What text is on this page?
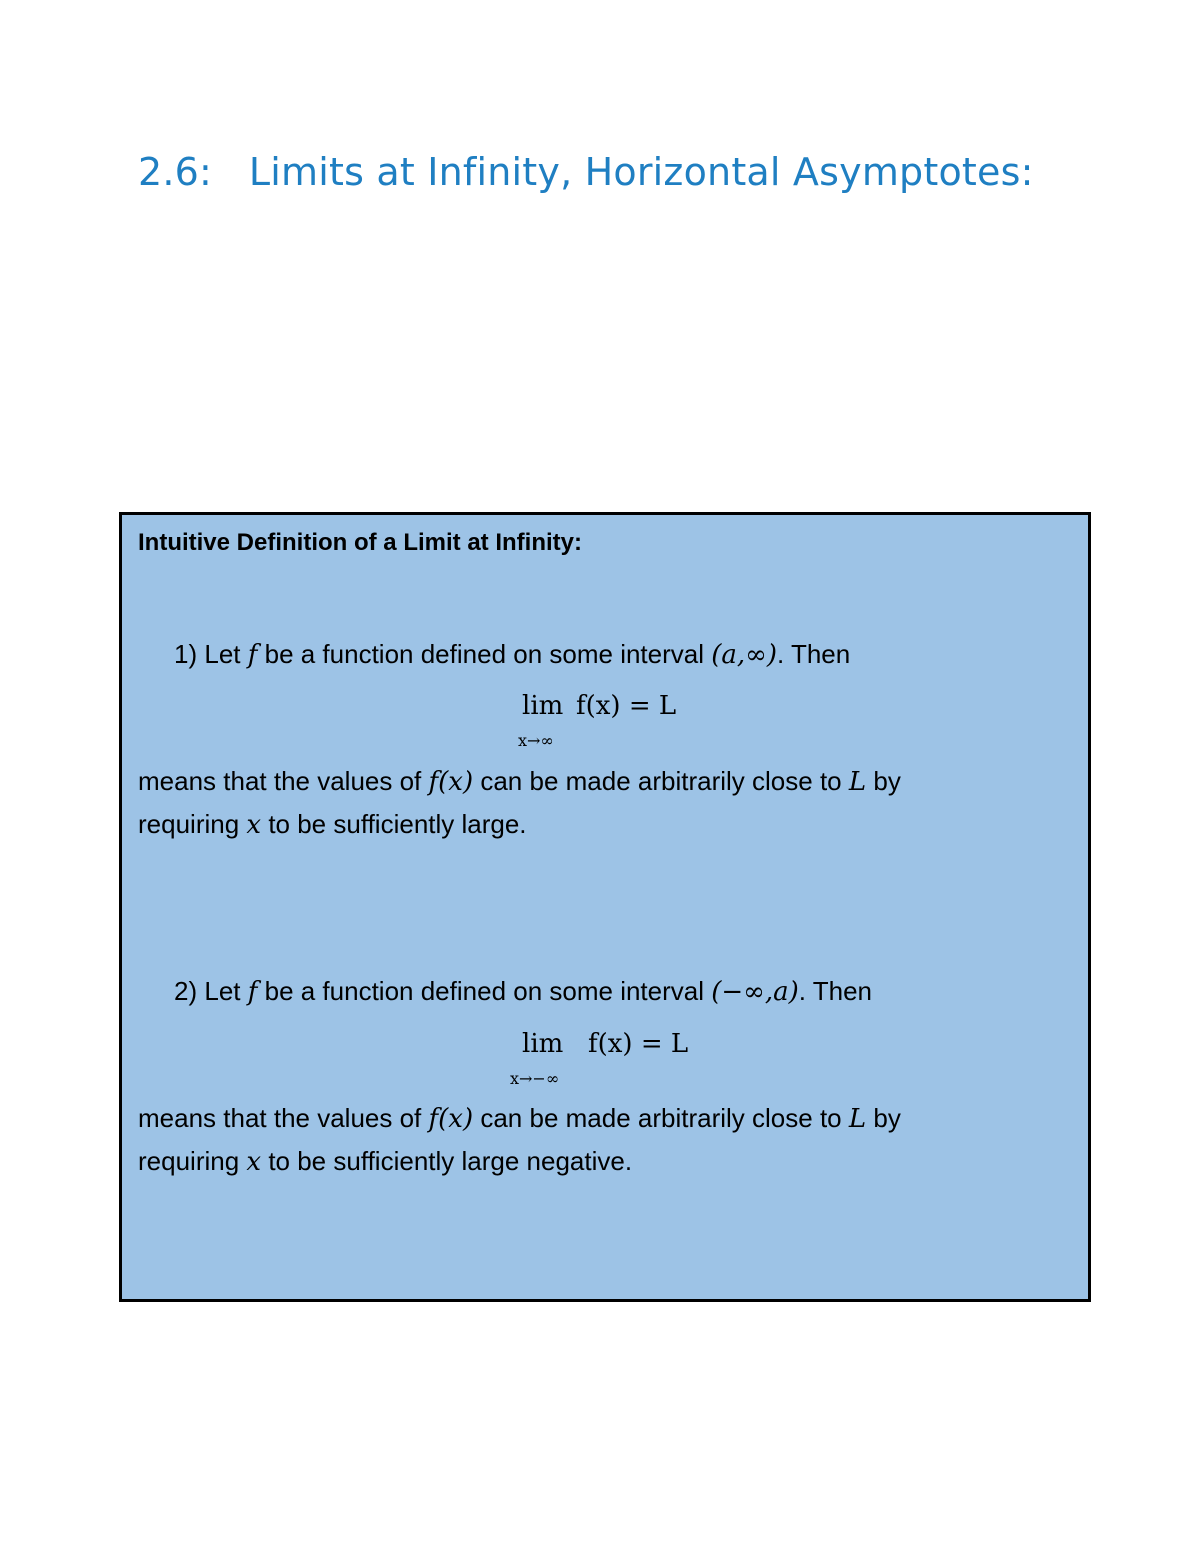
2.6:   Limits at Infinity, Horizontal Asymptotes:

Intuitive Definition of a Limit at Infinity:

1) Let f be a function defined on some interval (a,∞). Then
lim
x→∞
f(x) = L

means that the values of f(x) can be made arbitrarily close to L by
requiring x to be sufficiently large.

2) Let f be a function defined on some interval (−∞,a). Then
lim
x→−∞
f(x) = L

means that the values of f(x) can be made arbitrarily close to L by
requiring x to be sufficiently large negative.
